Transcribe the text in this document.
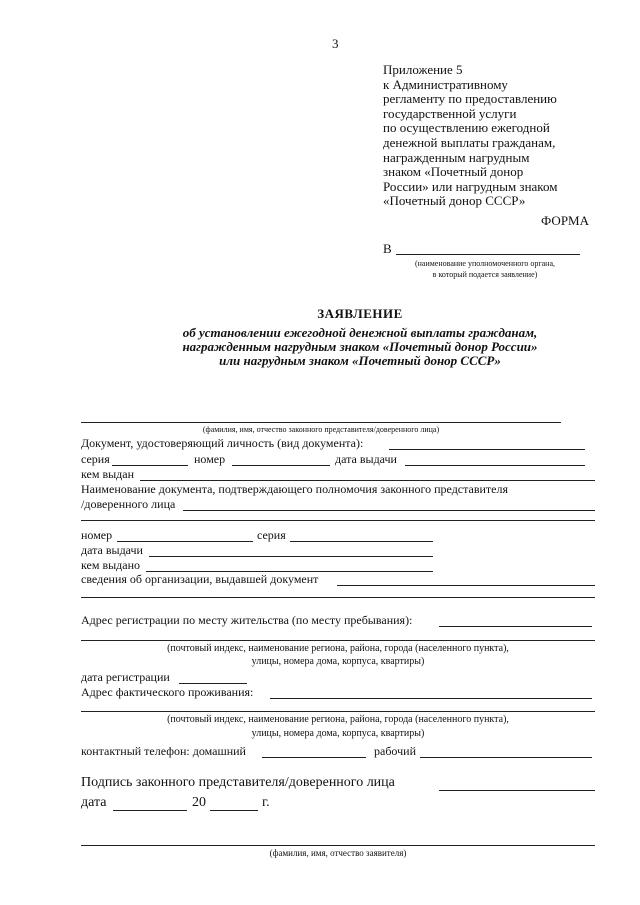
3
Приложение 5
к Административному
регламенту по предоставлению
государственной услуги
по осуществлению ежегодной
денежной выплаты гражданам,
награжденным нагрудным
знаком «Почетный донор
России» или нагрудным знаком
«Почетный донор СССР»
ФОРМА
В
(наименование уполномоченного органа,
в который подается заявление)
ЗАЯВЛЕНИЕ
об установлении ежегодной денежной выплаты гражданам,
награжденным нагрудным знаком «Почетный донор России»
или нагрудным знаком «Почетный донор СССР»
(фамилия, имя, отчество законного представителя/доверенного лица)
Документ, удостоверяющий личность (вид документа):
серия	номер	дата выдачи
кем выдан
Наименование документа, подтверждающего полномочия законного представителя
/доверенного лица
номер	серия
дата выдачи
кем выдано
сведения об организации, выдавшей документ
Адрес регистрации по месту жительства (по месту пребывания):
(почтовый индекс, наименование региона, района, города (населенного пункта),
улицы, номера дома, корпуса, квартиры)
дата регистрации
Адрес фактического проживания:
(почтовый индекс, наименование региона, района, города (населенного пункта),
улицы, номера дома, корпуса, квартиры)
контактный телефон: домашний	рабочий
Подпись законного представителя/доверенного лица
дата	20	г.
(фамилия, имя, отчество заявителя)
